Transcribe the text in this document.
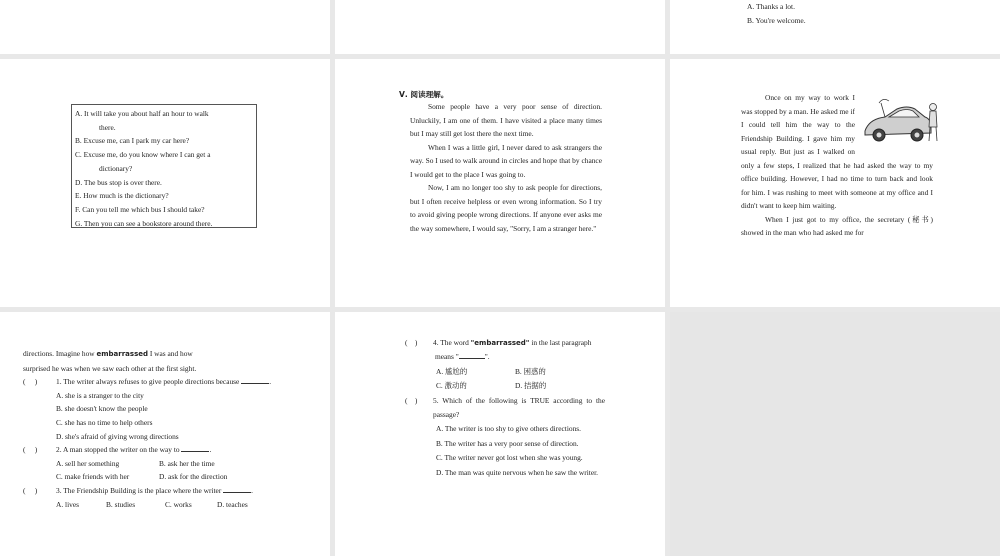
A. Thanks a lot.
B. You're welcome.
A. It will take you about half an hour to walk
there.
B. Excuse me, can I park my car here?
C. Excuse me, do you know where I can get a
dictionary?
D. The bus stop is over there.
E. How much is the dictionary?
F. Can you tell me which bus I should take?
G. Then you can see a bookstore around there.
Ⅴ. 阅读理解。

Some people have a very poor sense of direction. Unluckily, I am one of them. I have visited a place many times but I may still get lost there the next time.

When I was a little girl, I never dared to ask strangers the way. So I used to walk around in circles and hope that by chance I would get to the place I was going to.

Now, I am no longer too shy to ask people for directions, but I often receive helpless or even wrong information. So I try to avoid giving people wrong directions. If anyone ever asks me the way somewhere, I would say, "Sorry, I am a stranger here."

Once on my way to work I was stopped by a man. He asked me if I could tell him the way to the Friendship Building. I gave him my usual reply. But just as I walked on only a few steps, I realized that he had asked the way to my office building. However, I had no time to turn back and look for him. I was rushing to meet with someone at my office and I didn't want to keep him waiting.

When I just got to my office, the secretary (秘书) showed in the man who had asked me for

directions. Imagine how embarrassed I was and how surprised he was when we saw each other at the first sight.
( )	1. The writer always refuses to give people directions because	.
A. she is a stranger to the city
B. she doesn't know the people
C. she has no time to help others
D. she's afraid of giving wrong directions
( )	2. A man stopped the writer on the way to	.
A. sell her something	B. ask her the time
C. make friends with her	D. ask for the direction
( )	3. The Friendship Building is the place where the writer	.
A. lives	B. studies	C. works	D. teaches
( ) 4. The word "embarrassed" in the last paragraph
means "	".
A. 尴尬的	B. 困惑的
C. 激动的	D. 拮据的
( ) 5. Which of the following is TRUE according to the passage?
A. The writer is too shy to give others directions.
B. The writer has a very poor sense of direction.
C. The writer never got lost when she was young.
D. The man was quite nervous when he saw the writer.
